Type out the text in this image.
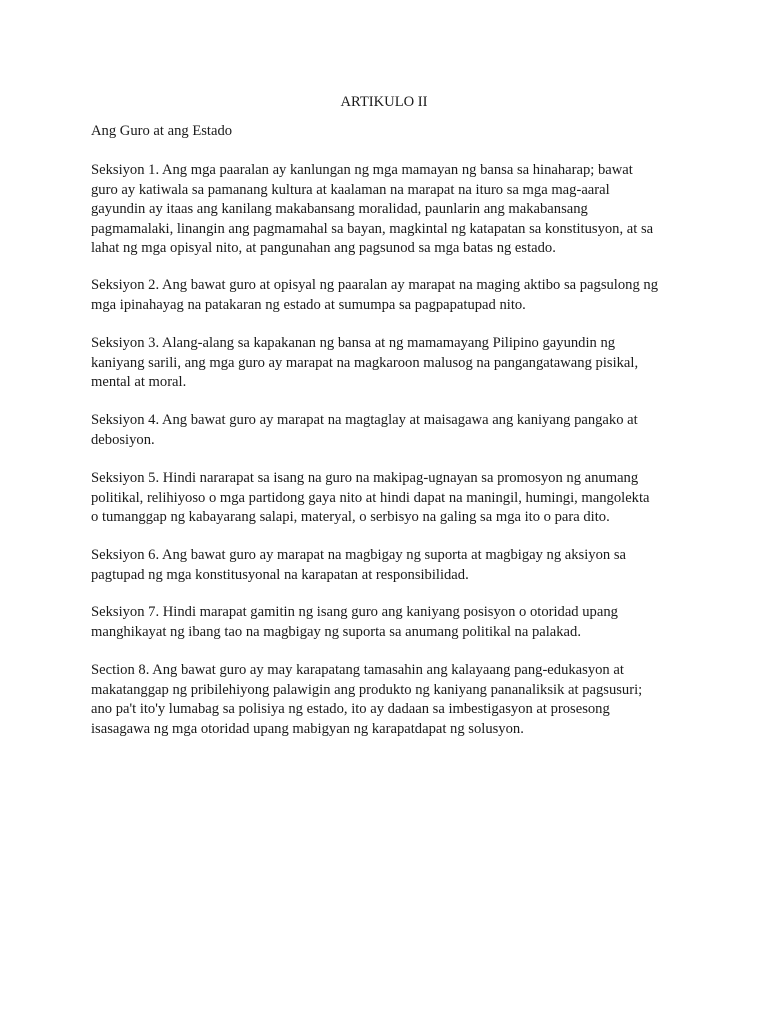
ARTIKULO II
Ang Guro at ang Estado
Seksiyon 1. Ang mga paaralan ay kanlungan ng mga mamayan ng bansa sa hinaharap; bawat
guro ay katiwala sa pamanang kultura at kaalaman na marapat na ituro sa mga mag-aaral
gayundin ay itaas ang kanilang makabansang moralidad, paunlarin ang makabansang
pagmamalaki, linangin ang pagmamahal sa bayan, magkintal ng katapatan sa konstitusyon, at sa
lahat ng mga opisyal nito, at pangunahan ang pagsunod sa mga batas ng estado.
Seksiyon 2. Ang bawat guro at opisyal ng paaralan ay marapat na maging aktibo sa pagsulong ng
mga ipinahayag na patakaran ng estado at sumumpa sa pagpapatupad nito.
Seksiyon 3. Alang-alang sa kapakanan ng bansa at ng mamamayang Pilipino gayundin ng
kaniyang sarili, ang mga guro ay marapat na magkaroon malusog na pangangatawang pisikal,
mental at moral.
Seksiyon 4. Ang bawat guro ay marapat na magtaglay at maisagawa ang kaniyang pangako at
debosiyon.
Seksiyon 5. Hindi nararapat sa isang na guro na makipag-ugnayan sa promosyon ng anumang
politikal, relihiyoso o mga partidong gaya nito at hindi dapat na maningil, humingi, mangolekta
o tumanggap ng kabayarang salapi, materyal, o serbisyo na galing sa mga ito o para dito.
Seksiyon 6. Ang bawat guro ay marapat na magbigay ng suporta at magbigay ng aksiyon sa
pagtupad ng mga konstitusyonal na karapatan at responsibilidad.
Seksiyon 7. Hindi marapat gamitin ng isang guro ang kaniyang posisyon o otoridad upang
manghikayat ng ibang tao na magbigay ng suporta sa anumang politikal na palakad.
Section 8. Ang bawat guro ay may karapatang tamasahin ang kalayaang pang-edukasyon at
makatanggap ng pribilehiyong palawigin ang produkto ng kaniyang pananaliksik at pagsusuri;
ano pa't ito'y lumabag sa polisiya ng estado, ito ay dadaan sa imbestigasyon at prosesong
isasagawa ng mga otoridad upang mabigyan ng karapatdapat ng solusyon.
